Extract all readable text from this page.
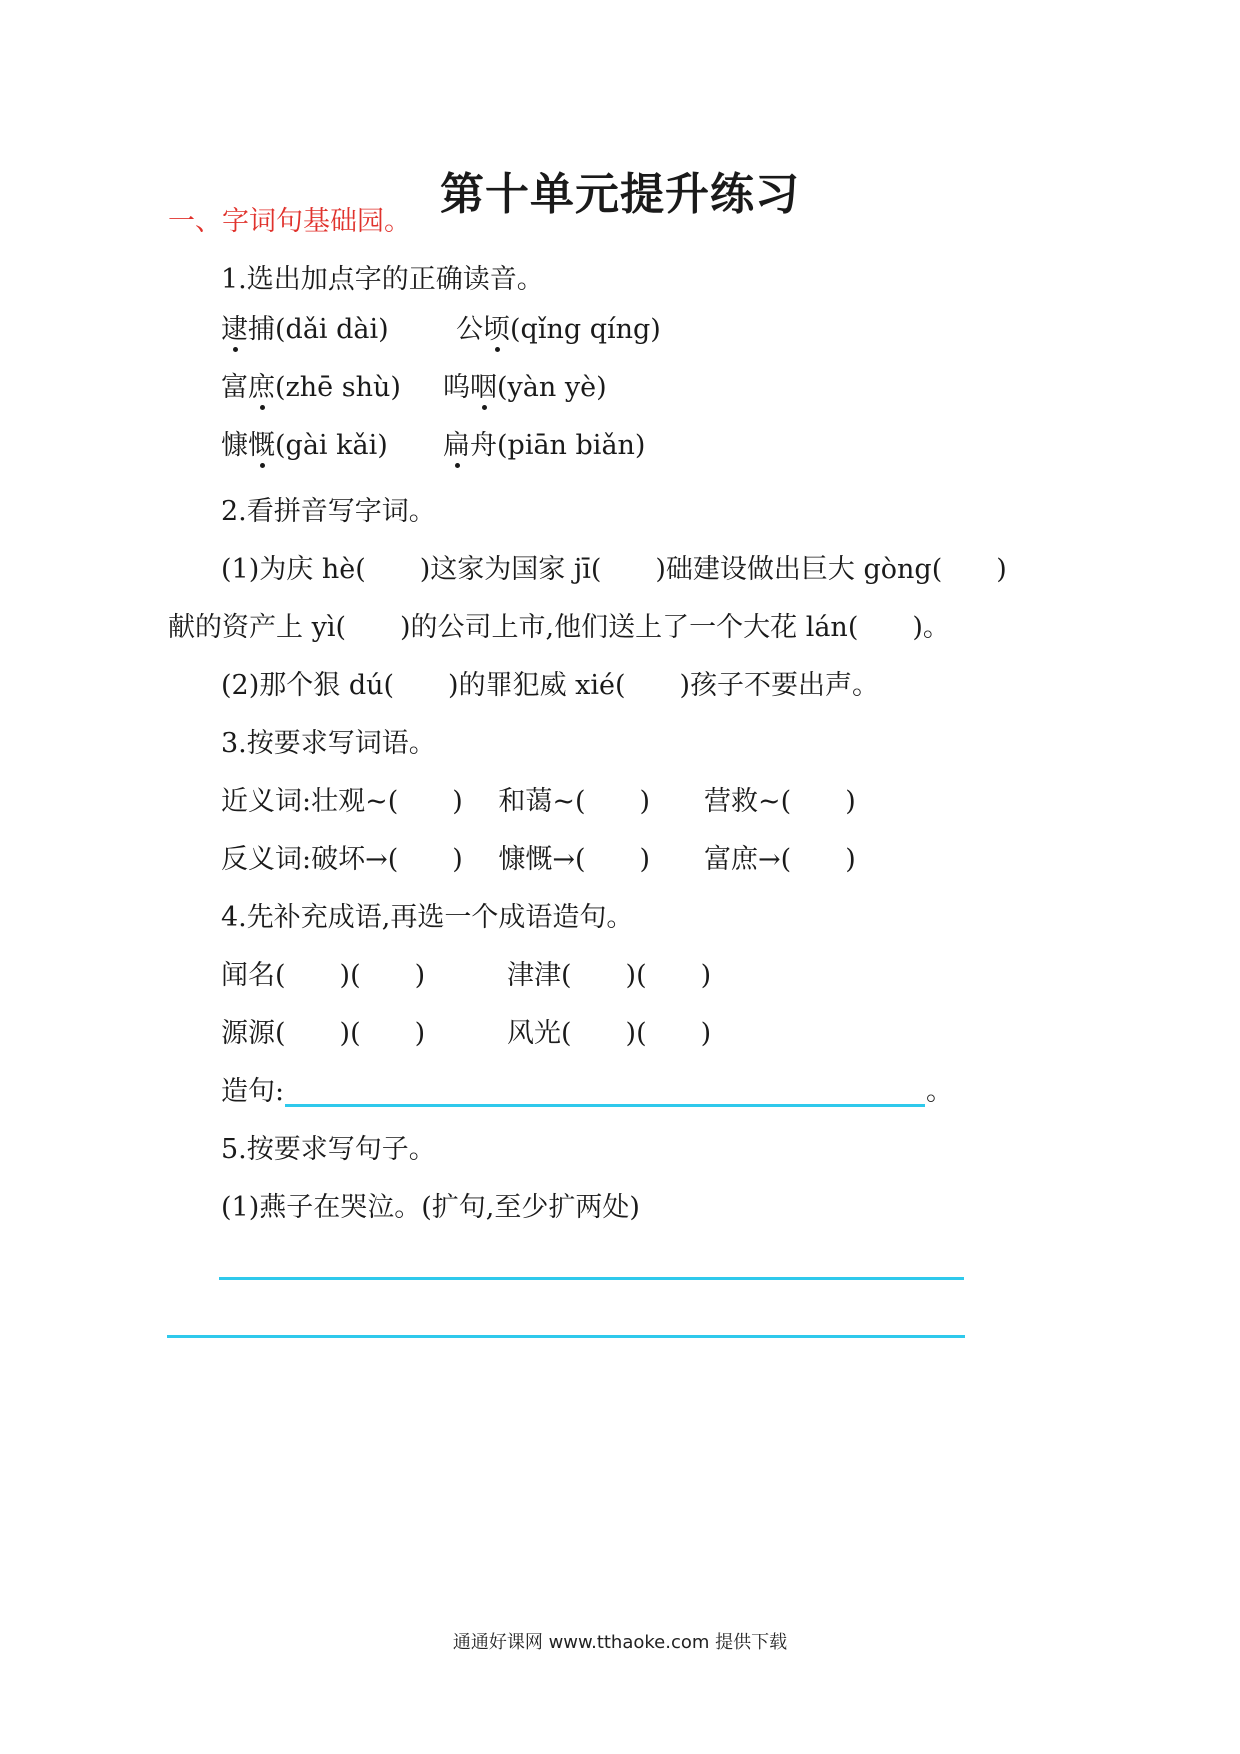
第十单元提升练习
一、字词句基础园。
1.选出加点字的正确读音。
逮捕(dǎi dài) 公顷(qǐng qíng)
富庶(zhē shù) 呜咽(yàn yè)
慷慨(gài kǎi) 扁舟(piān biǎn)
2.看拼音写字词。
(1)为庆 hè(　　)这家为国家 jī(　　)础建设做出巨大 gòng(　　)
献的资产上 yì(　　)的公司上市,他们送上了一个大花 lán(　　)。
(2)那个狠 dú(　　)的罪犯威 xié(　　)孩子不要出声。
3.按要求写词语。
近义词:壮观~(　　)　 和蔼~(　　)　　营救~(　　)
反义词:破坏→(　　)　 慷慨→(　　)　　富庶→(　　)
4.先补充成语,再选一个成语造句。
闻名(　　)(　　)	津津(　　)(　　)
源源(　　)(　　)	风光(　　)(　　)
造句:	。
5.按要求写句子。
(1)燕子在哭泣。(扩句,至少扩两处)
通通好课网 www.tthaoke.com 提供下载
